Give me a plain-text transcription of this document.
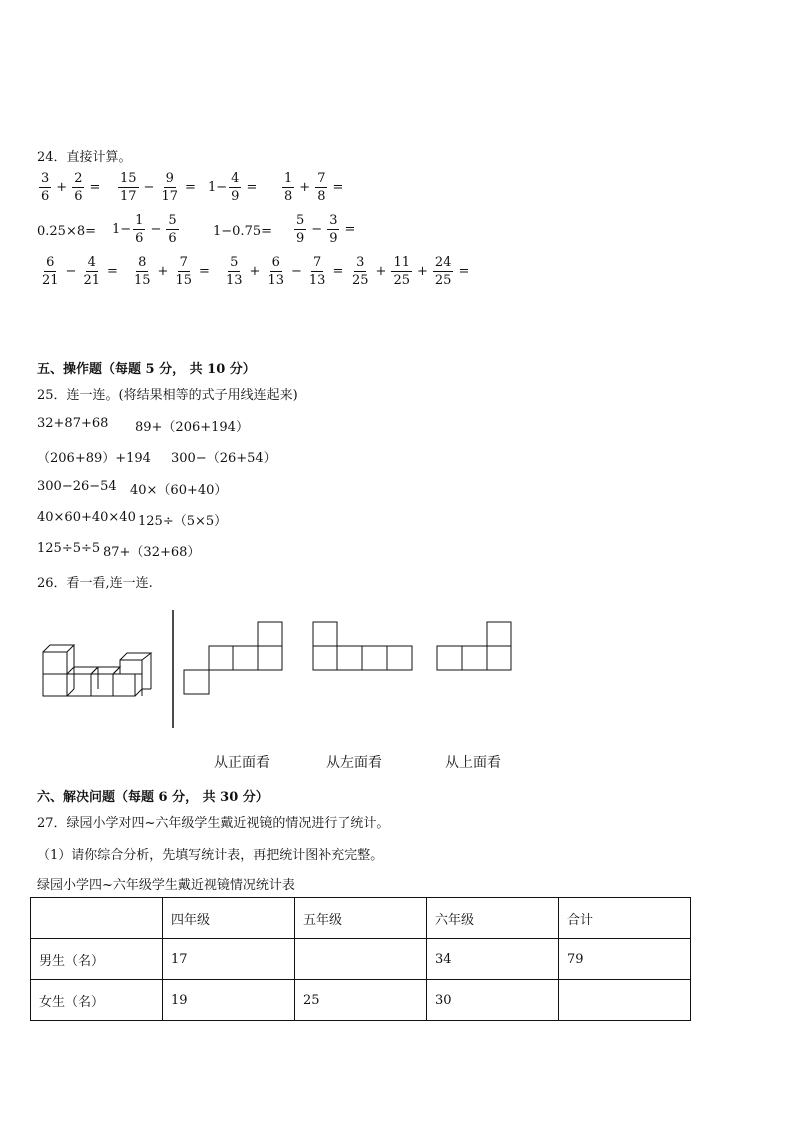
24．直接计算。
$\frac{3}{6} + \frac{2}{6} = \frac{15}{17} - \frac{9}{17} = 1- \frac{4}{9} = \frac{1}{8} + \frac{7}{8}$ =
$0.25\times 8= 1- \frac{1}{6} - \frac{5}{6}$	$1-0.75= \frac{5}{9} - \frac{3}{9}$ =
$\frac{6}{21} - \frac{4}{21} = \frac{8}{15} + \frac{7}{15} = \frac{5}{13} + \frac{6}{13} - \frac{7}{13} = \frac{3}{25} + \frac{11}{25} + \frac{24}{25}$ =
五、操作题（每题 5 分， 共 10 分）
25．连一连。(将结果相等的式子用线连起来)
32+87+68 89+（206+194）
（206+89）+194 300−（26+54）
300−26−54 40×（60+40）
40×60+40×40 125÷（5×5）
125÷5÷5 87+（32+68）
26．看一看,连一连.
从正面看	从左面看	从上面看
六、解决问题（每题 6 分， 共 30 分）
27．绿园小学对四~六年级学生戴近视镜的情况进行了统计。
（1）请你综合分析，先填写统计表，再把统计图补充完整。
绿园小学四~六年级学生戴近视镜情况统计表
	四年级	五年级	六年级	合计
男生（名）	17		34	79
女生（名）	19	25	30	
